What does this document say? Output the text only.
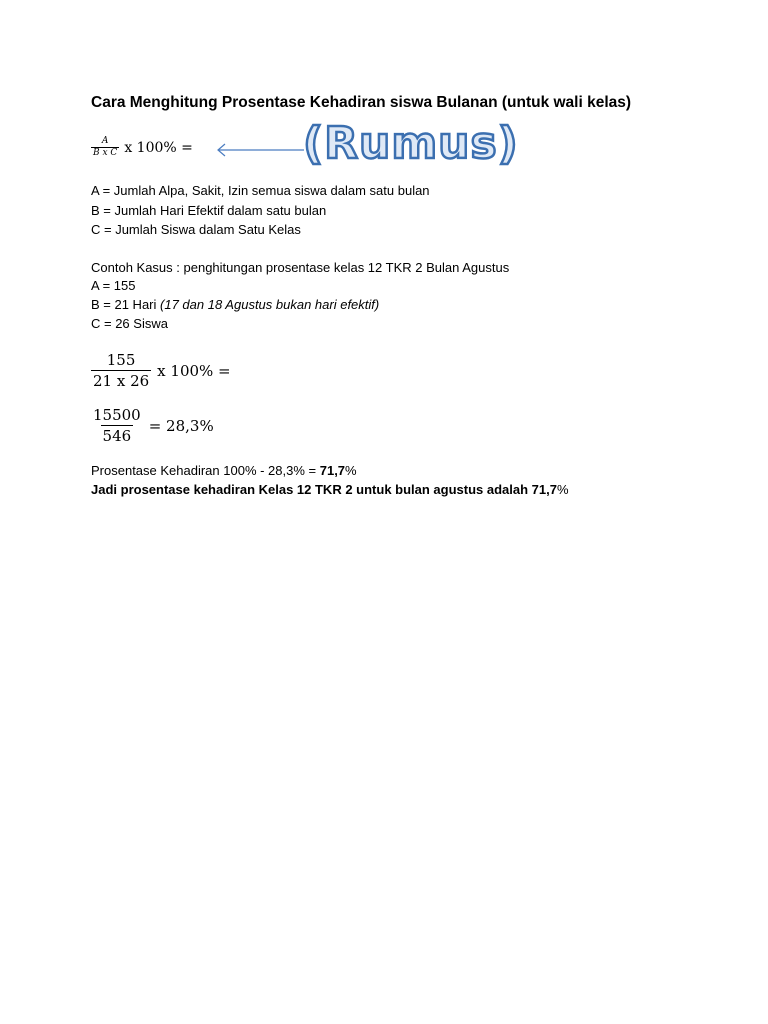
Cara Menghitung Prosentase Kehadiran siswa Bulanan (untuk wali kelas)
$\frac{A}{\text{B x C}}$ x 100% =	(Rumus)
A = Jumlah Alpa, Sakit, Izin semua siswa dalam satu bulan
B = Jumlah Hari Efektif dalam satu bulan
C = Jumlah Siswa dalam Satu Kelas
Contoh Kasus : penghitungan prosentase kelas 12 TKR 2 Bulan Agustus
A = 155
B = 21 Hari (17 dan 18 Agustus bukan hari efektif)
C = 26 Siswa
$\frac{155}{21 x 26}$ x 100% =
$\frac{15500}{546} = 28,3\%$
Prosentase Kehadiran 100% - 28,3% = 71,7%
Jadi prosentase kehadiran Kelas 12 TKR 2 untuk bulan agustus adalah 71,7%
